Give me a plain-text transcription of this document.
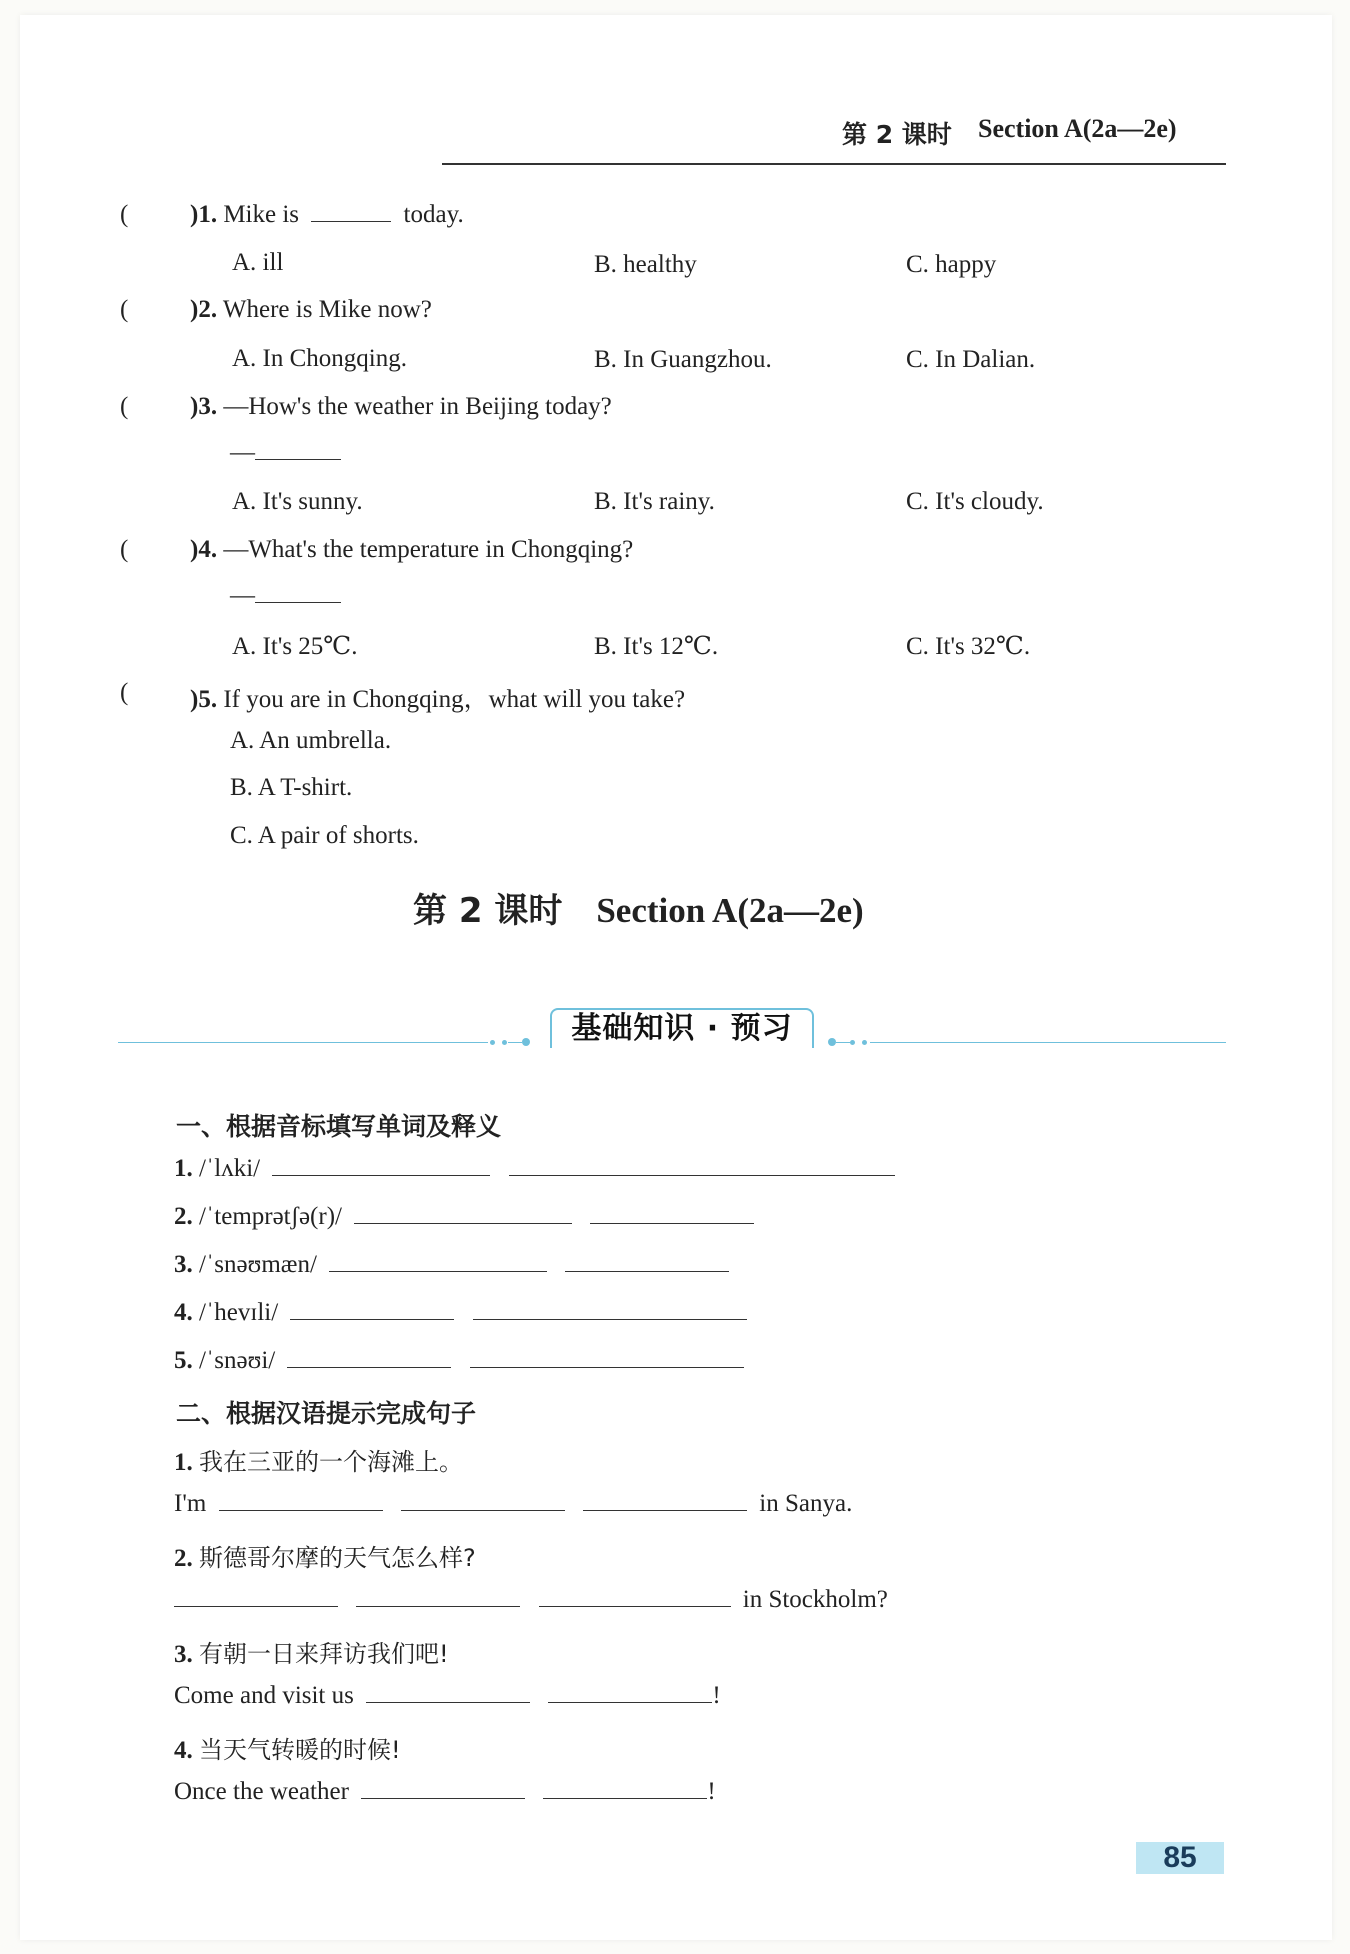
第 2 课时 Section A(2a—2e)
( )1. Mike is	today.
A. ill	B. healthy	C. happy
( )2. Where is Mike now?
A. In Chongqing.	B. In Guangzhou.	C. In Dalian.
( )3. —How's the weather in Beijing today?
—
A. It's sunny.	B. It's rainy.	C. It's cloudy.
( )4. —What's the temperature in Chongqing?
—
A. It's 25℃.	B. It's 12℃.	C. It's 32℃.
( )5. If you are in Chongqing，what will you take?
A. An umbrella.
B. A T-shirt.
C. A pair of shorts.
第 2 课时 Section A(2a—2e)
基础知识 · 预习
一、根据音标填写单词及释义
1. /ˈlʌki/
2. /ˈtemprətʃə(r)/
3. /ˈsnəʊmæn/
4. /ˈhevɪli/
5. /ˈsnəʊi/
二、根据汉语提示完成句子
1. 我在三亚的一个海滩上。
I'm	in Sanya.
2. 斯德哥尔摩的天气怎么样?
in Stockholm?
3. 有朝一日来拜访我们吧!
Come and visit us	!
4. 当天气转暖的时候!
Once the weather	!
85
